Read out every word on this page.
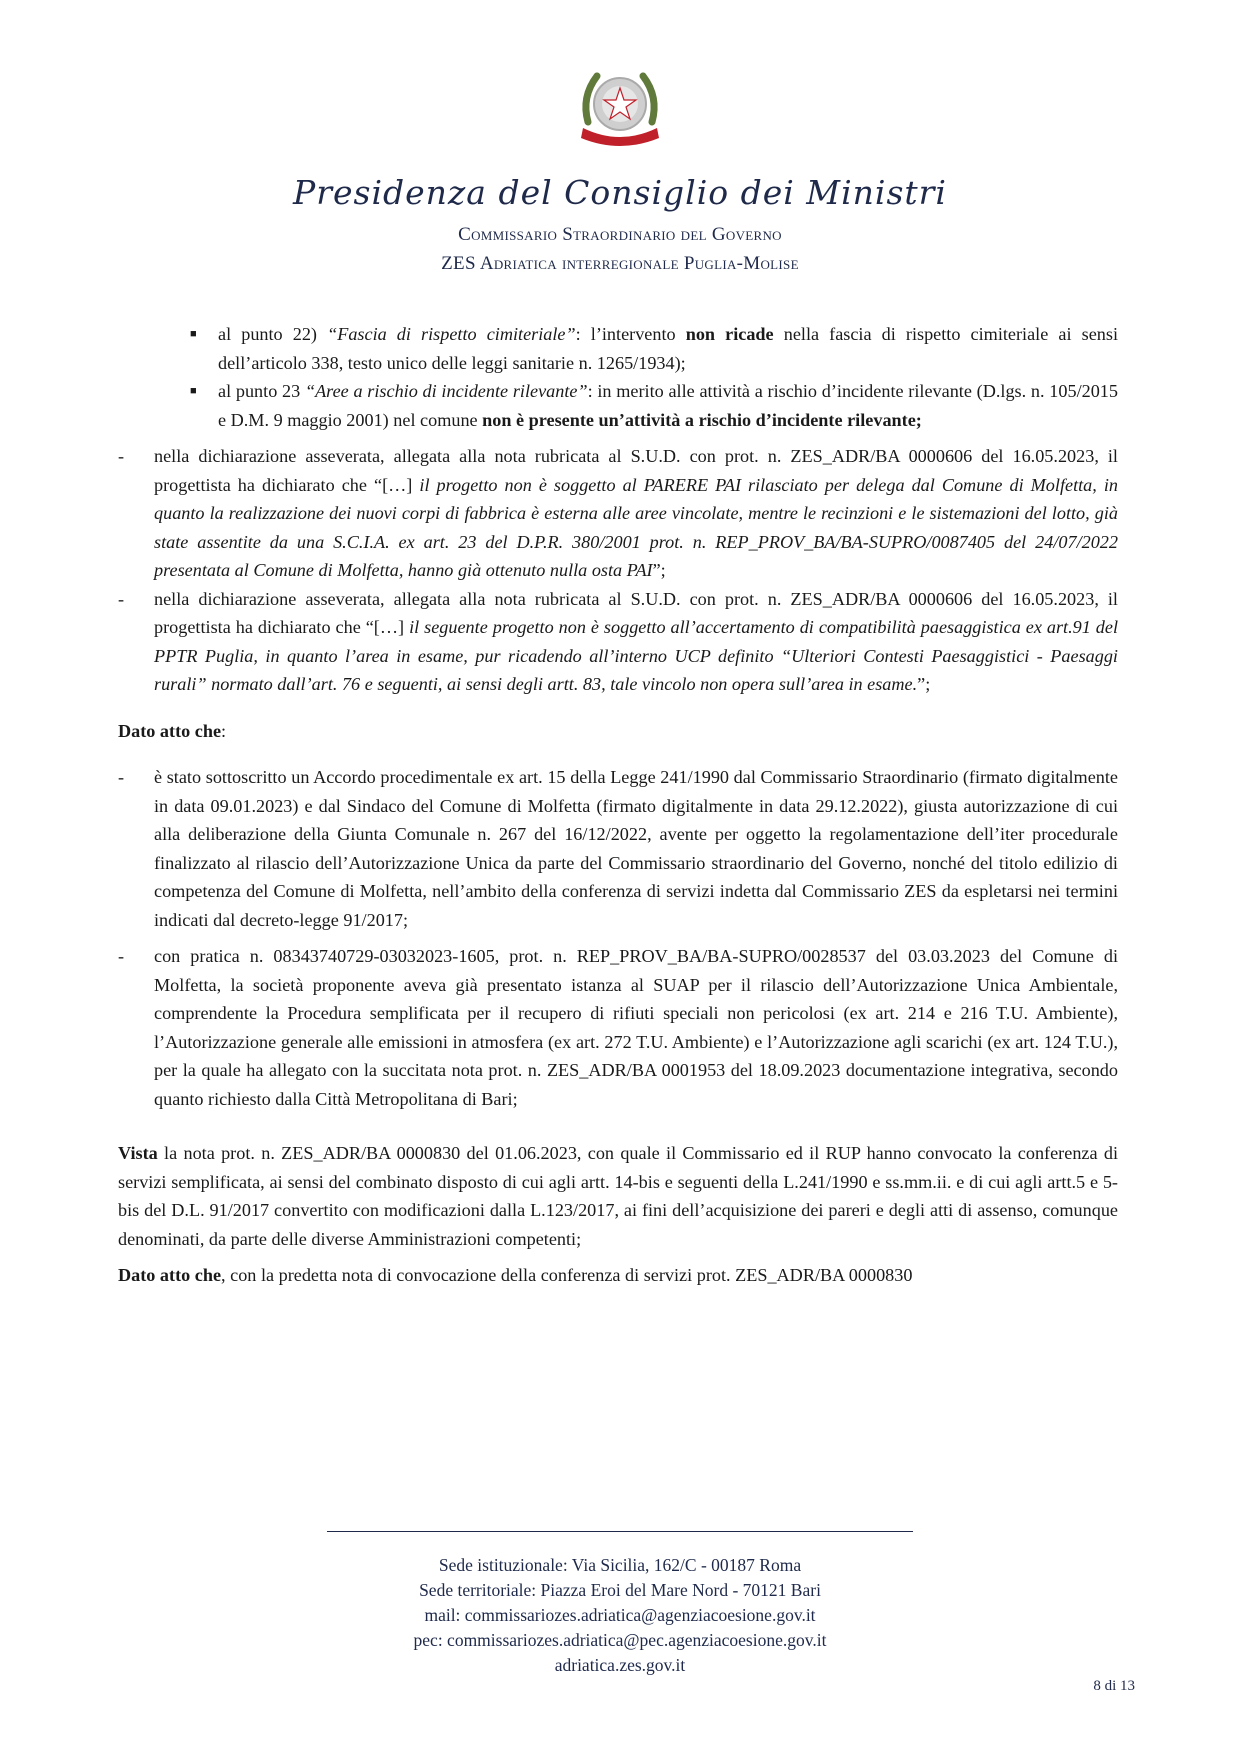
Presidenza del Consiglio dei Ministri
Commissario Straordinario del Governo
ZES Adriatica interregionale Puglia-Molise
■ al punto 22) “Fascia di rispetto cimiteriale”: l’intervento non ricade nella fascia di rispetto cimiteriale ai sensi dell’articolo 338, testo unico delle leggi sanitarie n. 1265/1934);
■ al punto 23 “Aree a rischio di incidente rilevante”: in merito alle attività a rischio d’incidente rilevante (D.lgs. n. 105/2015 e D.M. 9 maggio 2001) nel comune non è presente un’attività a rischio d’incidente rilevante;
- nella dichiarazione asseverata, allegata alla nota rubricata al S.U.D. con prot. n. ZES_ADR/BA 0000606 del 16.05.2023, il progettista ha dichiarato che “[…] il progetto non è soggetto al PARERE PAI rilasciato per delega dal Comune di Molfetta, in quanto la realizzazione dei nuovi corpi di fabbrica è esterna alle aree vincolate, mentre le recinzioni e le sistemazioni del lotto, già state assentite da una S.C.I.A. ex art. 23 del D.P.R. 380/2001 prot. n. REP_PROV_BA/BA-SUPRO/0087405 del 24/07/2022 presentata al Comune di Molfetta, hanno già ottenuto nulla osta PAI”;
- nella dichiarazione asseverata, allegata alla nota rubricata al S.U.D. con prot. n. ZES_ADR/BA 0000606 del 16.05.2023, il progettista ha dichiarato che “[…] il seguente progetto non è soggetto all’accertamento di compatibilità paesaggistica ex art.91 del PPTR Puglia, in quanto l’area in esame, pur ricadendo all’interno UCP definito “Ulteriori Contesti Paesaggistici - Paesaggi rurali” normato dall’art. 76 e seguenti, ai sensi degli artt. 83, tale vincolo non opera sull’area in esame.”;

Dato atto che:

- è stato sottoscritto un Accordo procedimentale ex art. 15 della Legge 241/1990 dal Commissario Straordinario (firmato digitalmente in data 09.01.2023) e dal Sindaco del Comune di Molfetta (firmato digitalmente in data 29.12.2022), giusta autorizzazione di cui alla deliberazione della Giunta Comunale n. 267 del 16/12/2022, avente per oggetto la regolamentazione dell’iter procedurale finalizzato al rilascio dell’Autorizzazione Unica da parte del Commissario straordinario del Governo, nonché del titolo edilizio di competenza del Comune di Molfetta, nell’ambito della conferenza di servizi indetta dal Commissario ZES da espletarsi nei termini indicati dal decreto-legge 91/2017;
- con pratica n. 08343740729-03032023-1605, prot. n. REP_PROV_BA/BA-SUPRO/0028537 del 03.03.2023 del Comune di Molfetta, la società proponente aveva già presentato istanza al SUAP per il rilascio dell’Autorizzazione Unica Ambientale, comprendente la Procedura semplificata per il recupero di rifiuti speciali non pericolosi (ex art. 214 e 216 T.U. Ambiente), l’Autorizzazione generale alle emissioni in atmosfera (ex art. 272 T.U. Ambiente) e l’Autorizzazione agli scarichi (ex art. 124 T.U.), per la quale ha allegato con la succitata nota prot. n. ZES_ADR/BA 0001953 del 18.09.2023 documentazione integrativa, secondo quanto richiesto dalla Città Metropolitana di Bari;

Vista la nota prot. n. ZES_ADR/BA 0000830 del 01.06.2023, con quale il Commissario ed il RUP hanno convocato la conferenza di servizi semplificata, ai sensi del combinato disposto di cui agli artt. 14-bis e seguenti della L.241/1990 e ss.mm.ii. e di cui agli artt.5 e 5-bis del D.L. 91/2017 convertito con modificazioni dalla L.123/2017, ai fini dell’acquisizione dei pareri e degli atti di assenso, comunque denominati, da parte delle diverse Amministrazioni competenti;

Dato atto che, con la predetta nota di convocazione della conferenza di servizi prot. ZES_ADR/BA 0000830

Sede istituzionale: Via Sicilia, 162/C - 00187 Roma
Sede territoriale: Piazza Eroi del Mare Nord - 70121 Bari
mail: commissariozes.adriatica@agenziacoesione.gov.it
pec: commissariozes.adriatica@pec.agenziacoesione.gov.it
adriatica.zes.gov.it
8 di 13
